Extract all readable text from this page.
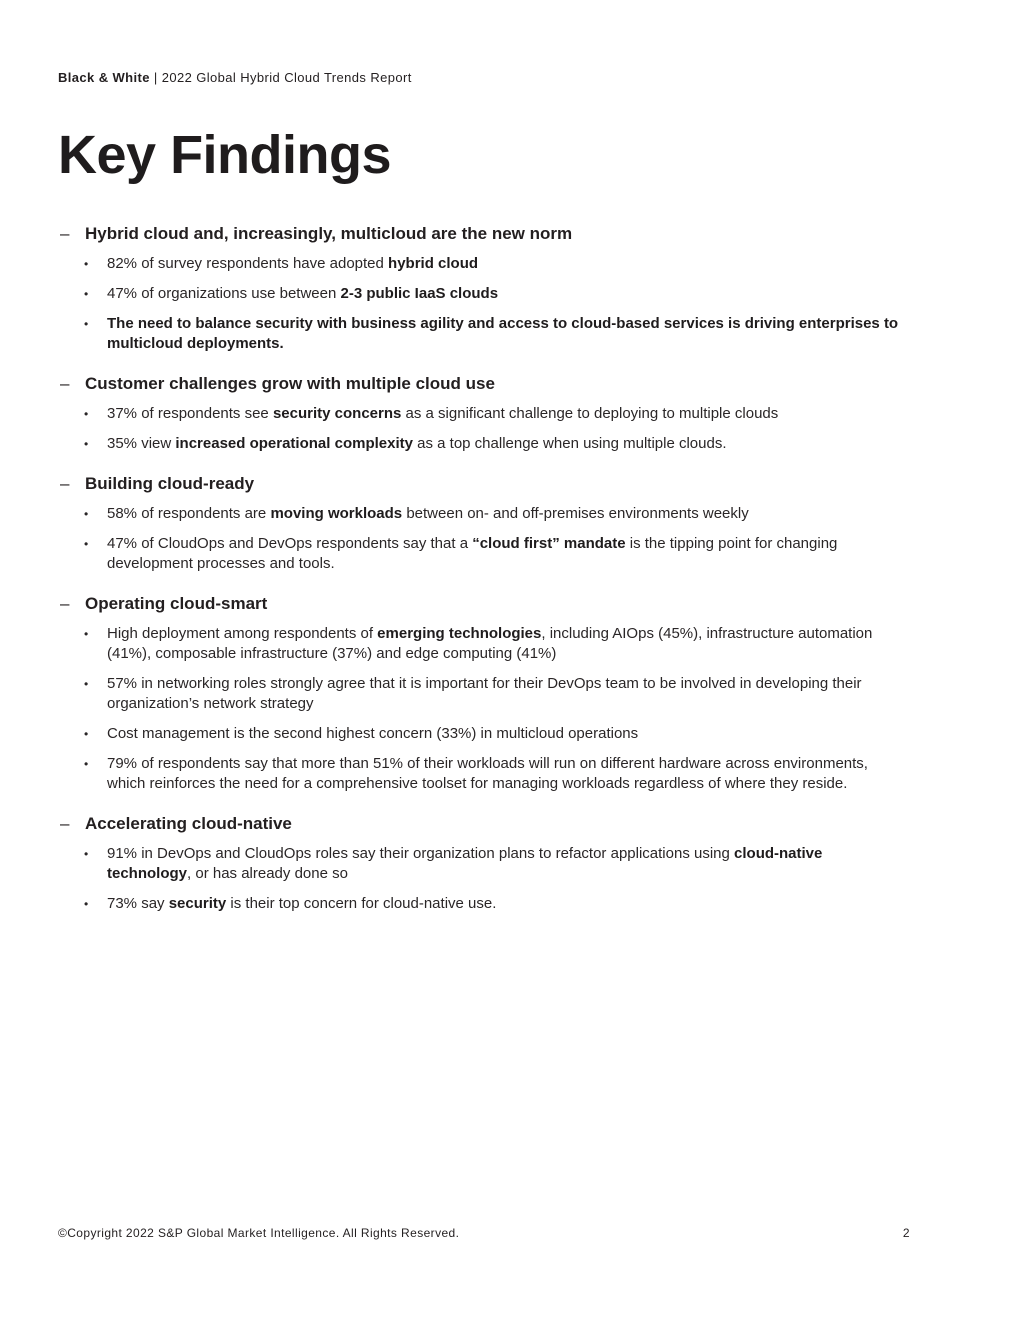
Black & White | 2022 Global Hybrid Cloud Trends Report
Key Findings
– Hybrid cloud and, increasingly, multicloud are the new norm
•	82% of survey respondents have adopted hybrid cloud
•	47% of organizations use between 2-3 public IaaS clouds
•	The need to balance security with business agility and access to cloud-based services is driving enterprises to multicloud deployments.
– Customer challenges grow with multiple cloud use
•	37% of respondents see security concerns as a significant challenge to deploying to multiple clouds
•	35% view increased operational complexity as a top challenge when using multiple clouds.
– Building cloud-ready
•	58% of respondents are moving workloads between on- and off-premises environments weekly
•	47% of CloudOps and DevOps respondents say that a “cloud first” mandate is the tipping point for changing development processes and tools.
– Operating cloud-smart
•	High deployment among respondents of emerging technologies, including AIOps (45%), infrastructure automation (41%), composable infrastructure (37%) and edge computing (41%)
•	57% in networking roles strongly agree that it is important for their DevOps team to be involved in developing their organization’s network strategy
•	Cost management is the second highest concern (33%) in multicloud operations
•	79% of respondents say that more than 51% of their workloads will run on different hardware across environments, which reinforces the need for a comprehensive toolset for managing workloads regardless of where they reside.
– Accelerating cloud-native
•	91% in DevOps and CloudOps roles say their organization plans to refactor applications using cloud-native technology, or has already done so
•	73% say security is their top concern for cloud-native use.
©Copyright 2022 S&P Global Market Intelligence. All Rights Reserved.	2
